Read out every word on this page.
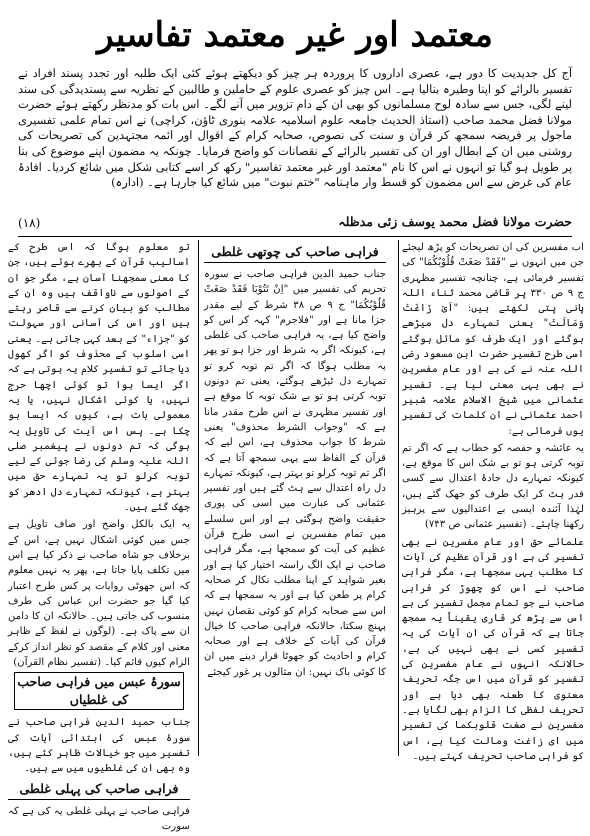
معتمد اور غیر معتمد تفاسیر

آج کل جدیدیت کا دور ہے، عصری اداروں کا پروردہ ہر چیز کو دیکھتے ہوئے کئی ایک طلبہ اور تجدد پسند افراد نے تفسیر بالرائے کو اپنا وطیرہ بنالیا ہے۔ اس چیز کو عصری علوم کے حاملین و طالبین کے نظریہ سے پسندیدگی کی سند لینے لگی، جس سے سادہ لوح مسلمانوں کو بھی ان کے دام تزویر میں آنے لگے۔ اس بات کو مدنظر رکھتے ہوئے حضرت مولانا فضل محمد صاحب (استاذ الحدیث جامعہ علوم اسلامیہ علامہ بنوری ٹاؤن، کراچی) نے اس تمام علمی تفسیری ماحول پر فریضہ سمجھ کر قرآن و سنت کی نصوص، صحابہ کرام کے اقوال اور ائمہ مجتہدین کی تصریحات کی روشنی میں ان کے ابطال اور ان کی تفسیر بالرائے کے نقصانات کو واضح فرمایا۔ چونکہ یہ مضمون اپنے موضوع کی بنا پر طویل ہو گیا تو انہوں نے اس کا نام "معتمد اور غیر معتمد تفاسیر" رکھ کر اسے کتابی شکل میں شائع کردیا۔ افادۂ عام کی غرض سے اس مضمون کو قسط وار ماہنامہ "ختم نبوت" میں شائع کیا جارہا ہے۔ (ادارہ)

حضرت مولانا فضل محمد یوسف زئی مدظلہ
(۱۸)

اب مفسرین کی ان تصریحات کو پڑھ لیجئے جن میں انہوں نے "فَقَدْ صَغَتْ قُلُوْبُكُمَا" کی تفسیر فرمائی ہے، چنانچہ تفسیر مظہری ج ۹ ص ۳۳۰ پر قاضی محمد ثناء اللہ پانی پتی لکھتے ہیں: "اَیْ زَاغَتْ وَمَالَتْ" یعنی تمہارے دل میڑھے ہوگئے اور ایک طرف کو مائل ہوگئے اسی طرح تفسیر حضرت ابن مسعود رضی اللہ عنہ نے کی ہے اور عام مفسرین نے بھی یہی معنی لیا ہے۔ تفسیر عثمانی میں شیخ الاسلام علامہ شبیر احمد عثمانی نے ان کلمات کی تفسیر یوں فرمائی ہے:

یہ عائشہ و حفصہ کو خطاب ہے کہ اگر تم توبہ کرتی ہو تو بے شک اس کا موقع ہے، کیونکہ تمہارے دل جادۂ اعتدال سے کسی قدر ہٹ کر ایک طرف کو جھک گئے ہیں، لہٰذا آئندہ ایسی بے اعتدالیوں سے پرہیز رکھنا چاہئے۔ (تفسیر عثمانی ص ۷۴۳)

علمائے حق اور عام مفسرین نے بھی تفسیر کی ہے اور قرآن عظیم کی آیات کا مطلب یہی سمجھا ہے، مگر فراہی صاحب نے اس کو چھوڑ کر فراہی صاحب نے جو تمام مجمل تفسیر کی ہے اس سے پڑھ کر قاری یقیناً یہ سمجھ جاتا ہے کہ قرآن کی ان آیات کی یہ تفسیر کسی نے بھی نہیں کی ہے، حالانکہ انہوں نے عام مفسرین کی تفسیر کو قرآن میں اس جگہ تحریف معنوی کا طعنہ بھی دیا ہے اور تحریف لفظی کا الزام بھی لگایا ہے۔ مفسرین نے صغت قلوبکما کی تفسیر میں ای زاغت ومالت کیا ہے، اس کو فراہی صاحب تحریف کہتے ہیں۔

فراہی صاحب کی چوتھی غلطی

جناب حمید الدین فراہی صاحب نے سورہ تحریم کی تفسیر میں "اِنْ تَتُوْبَا فَقَدْ صَغَتْ قُلُوْبُكُمَا" ج ۹ ص ۳۸ شرط کے لیے مقدر جزا مانا ہے اور "فلاجرم" کہہ کر اس کو واضح کیا ہے، یہ فراہی صاحب کی غلطی ہے، کیونکہ اگر یہ شرط اور جزا ہو تو پھر یہ مطلب ہوگا کہ اگر تم توبہ کرو تو تمہارے دل ٹیڑھے ہوگئے، یعنی تم دونوں توبہ کرتی ہو تو بے شک توبہ کا موقع ہے اور تفسیر مظہری نے اس طرح مقدر مانا ہے کہ "وجواب الشرط محذوف" یعنی شرط کا جواب محذوف ہے، اس لیے کہ قرآن کے الفاظ سے یہی سمجھ آتا ہے کہ اگر تم توبہ کرلو تو بہتر ہے، کیونکہ تمہارے دل راہ اعتدال سے ہٹ گئے ہیں اور تفسیر عثمانی کی عبارت میں اسی کی پوری حقیقت واضح ہوگئی ہے اور اس سلسلے میں تمام مفسرین نے اسی طرح قرآن عظیم کی آیت کو سمجھا ہے، مگر فراہی صاحب نے ایک الگ راستہ اختیار کیا ہے اور بغیر شواہد کے اپنا مطلب نکال کر صحابہ کرام پر طعن کیا ہے اور یہ سمجھا ہے کہ اس سے صحابہ کرام کو کوئی نقصان نہیں پہنچ سکتا، حالانکہ فراہی صاحب کا خیال قرآن کی آیات کے خلاف ہے اور صحابہ کرام و احادیث کو جھوٹا قرار دینے میں ان کا کوئی باک نہیں: ان مثالوں پر غور کیجئے

تو معلوم ہوگا کہ اس طرح کے اسالیب قرآن کے بھرے ہوئے ہیں، جن کا معنی سمجھنا آسان ہے، مگر جو ان کے اصولوں سے ناواقف ہیں وہ ان کے مطالب کو بیان کرنے سے قاصر رہتے ہیں اور اس کی آسانی اور سہولت کو "جزاء" کے بعد کہی جاتی ہے۔ یعنی اسی اسلوب کے محذوف کو اگر کھول دیا جائے تو تفسیر کلام یہ ہوتی ہے کہ اگر ایسا ہوا تو کوئی اچھا حرج نہیں، یا کوئی اشکال نہیں، یا یہ معمولی بات ہے، کیوں کہ ایسا ہو چکا ہے۔ پس اس آیت کی تاویل یہ ہوگی کہ تم دونوں نے پیغمبر صلی اللہ علیہ وسلم کی رضا جوئی کے لیے توبہ کرلو تو یہ تمہارے حق میں بہتر ہے، کیونکہ تمہارے دل ادھر کو جھک گئے ہیں۔

یہ ایک بالکل واضح اور صاف تاویل ہے جس میں کوئی اشکال نہیں ہے، اس کے برخلاف جو شاہ صاحب نے ذکر کیا ہے اس میں تکلف پایا جاتا ہے، پھر یہ نہیں معلوم کہ اس جھوٹی روایات پر کس طرح اعتبار کیا گیا جو حضرت ابن عباس کی طرف منسوب کی جاتی ہیں۔ حالانکہ ان کا دامن ان سے پاک ہے۔ (لوگوں نے لفظ کے ظاہر معنی اور کلام کے مقصد کو نظر انداز کرکے الزام کیوں قائم کیا۔ (تفسیر نظام القرآن)

سورۂ عبس میں فراہی صاحب کی غلطیاں

جناب حمید الدین فراہی صاحب نے سورۂ عبس کی ابتدائی آیات کی تفسیر میں جو خیالات ظاہر کئے ہیں، وہ بھی ان کی غلطیوں میں سے ہیں۔

فراہی صاحب کی پہلی غلطی

فراہی صاحب نے پہلی غلطی یہ کی ہے کہ سورت
